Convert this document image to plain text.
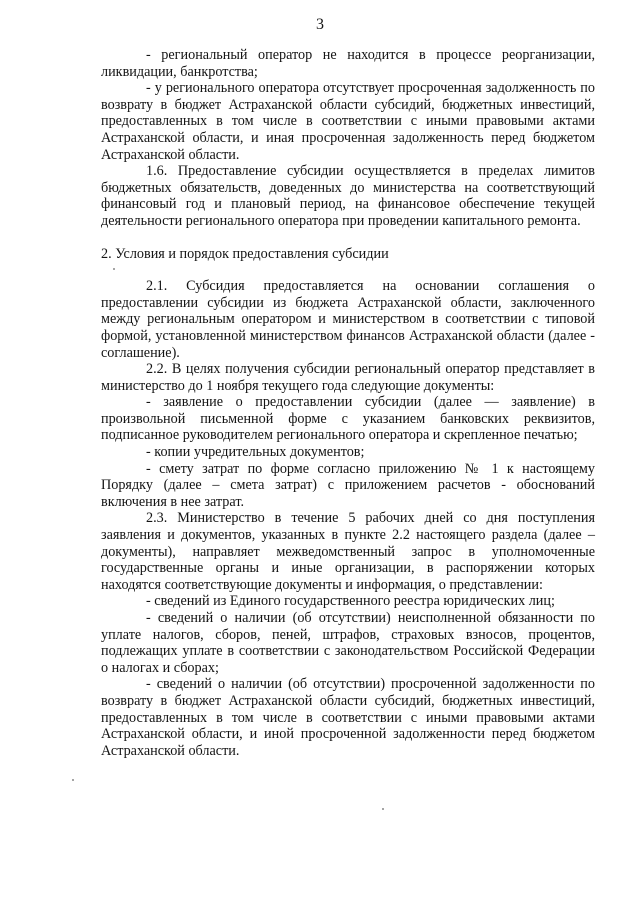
3

- региональный оператор не находится в процессе реорганизации, ликвидации, банкротства;

- у регионального оператора отсутствует просроченная задолженность по возврату в бюджет Астраханской области субсидий, бюджетных инвестиций, предоставленных в том числе в соответствии с иными правовыми актами Астраханской области, и иная просроченная задолженность перед бюджетом Астраханской области.

1.6. Предоставление субсидии осуществляется в пределах лимитов бюджетных обязательств, доведенных до министерства на соответствующий финансовый год и плановый период, на финансовое обеспечение текущей деятельности регионального оператора при проведении капитального ремонта.

2. Условия и порядок предоставления субсидии

2.1. Субсидия предоставляется на основании соглашения о предоставлении субсидии из бюджета Астраханской области, заключенного между региональным оператором и министерством в соответствии с типовой формой, установленной министерством финансов Астраханской области (далее - соглашение).

2.2. В целях получения субсидии региональный оператор представляет в министерство до 1 ноября текущего года следующие документы:

- заявление о предоставлении субсидии (далее — заявление) в произвольной письменной форме с указанием банковских реквизитов, подписанное руководителем регионального оператора и скрепленное печатью;

- копии учредительных документов;

- смету затрат по форме согласно приложению № 1 к настоящему Порядку (далее – смета затрат) с приложением расчетов - обоснований включения в нее затрат.

2.3. Министерство в течение 5 рабочих дней со дня поступления заявления и документов, указанных в пункте 2.2 настоящего раздела (далее – документы), направляет межведомственный запрос в уполномоченные государственные органы и иные организации, в распоряжении которых находятся соответствующие документы и информация, о представлении:

- сведений из Единого государственного реестра юридических лиц;

- сведений о наличии (об отсутствии) неисполненной обязанности по уплате налогов, сборов, пеней, штрафов, страховых взносов, процентов, подлежащих уплате в соответствии с законодательством Российской Федерации о налогах и сборах;

- сведений о наличии (об отсутствии) просроченной задолженности по возврату в бюджет Астраханской области субсидий, бюджетных инвестиций, предоставленных в том числе в соответствии с иными правовыми актами Астраханской области, и иной просроченной задолженности перед бюджетом Астраханской области.
